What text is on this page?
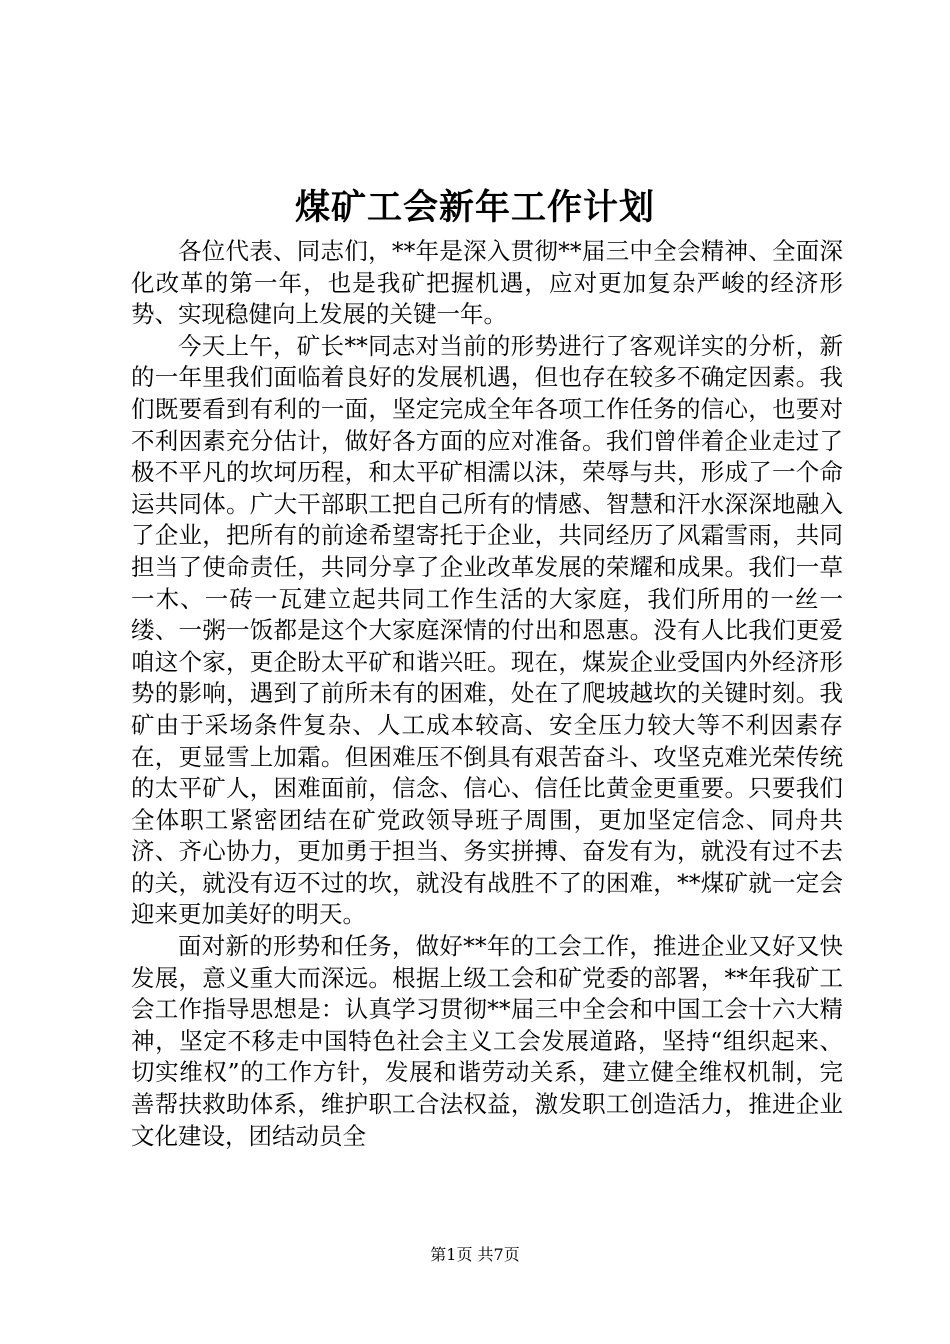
煤矿工会新年工作计划

各位代表、同志们，**年是深入贯彻**届三中全会精神、全面深化改革的第一年，也是我矿把握机遇，应对更加复杂严峻的经济形势、实现稳健向上发展的关键一年。

今天上午，矿长**同志对当前的形势进行了客观详实的分析，新的一年里我们面临着良好的发展机遇，但也存在较多不确定因素。我们既要看到有利的一面，坚定完成全年各项工作任务的信心，也要对不利因素充分估计，做好各方面的应对准备。我们曾伴着企业走过了极不平凡的坎坷历程，和太平矿相濡以沫，荣辱与共，形成了一个命运共同体。广大干部职工把自己所有的情感、智慧和汗水深深地融入了企业，把所有的前途希望寄托于企业，共同经历了风霜雪雨，共同担当了使命责任，共同分享了企业改革发展的荣耀和成果。我们一草一木、一砖一瓦建立起共同工作生活的大家庭，我们所用的一丝一缕、一粥一饭都是这个大家庭深情的付出和恩惠。没有人比我们更爱咱这个家，更企盼太平矿和谐兴旺。现在，煤炭企业受国内外经济形势的影响，遇到了前所未有的困难，处在了爬坡越坎的关键时刻。我矿由于采场条件复杂、人工成本较高、安全压力较大等不利因素存在，更显雪上加霜。但困难压不倒具有艰苦奋斗、攻坚克难光荣传统的太平矿人，困难面前，信念、信心、信任比黄金更重要。只要我们全体职工紧密团结在矿党政领导班子周围，更加坚定信念、同舟共济、齐心协力，更加勇于担当、务实拼搏、奋发有为，就没有过不去的关，就没有迈不过的坎，就没有战胜不了的困难，**煤矿就一定会迎来更加美好的明天。

面对新的形势和任务，做好**年的工会工作，推进企业又好又快发展，意义重大而深远。根据上级工会和矿党委的部署，**年我矿工会工作指导思想是：认真学习贯彻**届三中全会和中国工会十六大精神，坚定不移走中国特色社会主义工会发展道路，坚持“组织起来、切实维权”的工作方针，发展和谐劳动关系，建立健全维权机制，完善帮扶救助体系，维护职工合法权益，激发职工创造活力，推进企业文化建设，团结动员全

第1页 共7页
